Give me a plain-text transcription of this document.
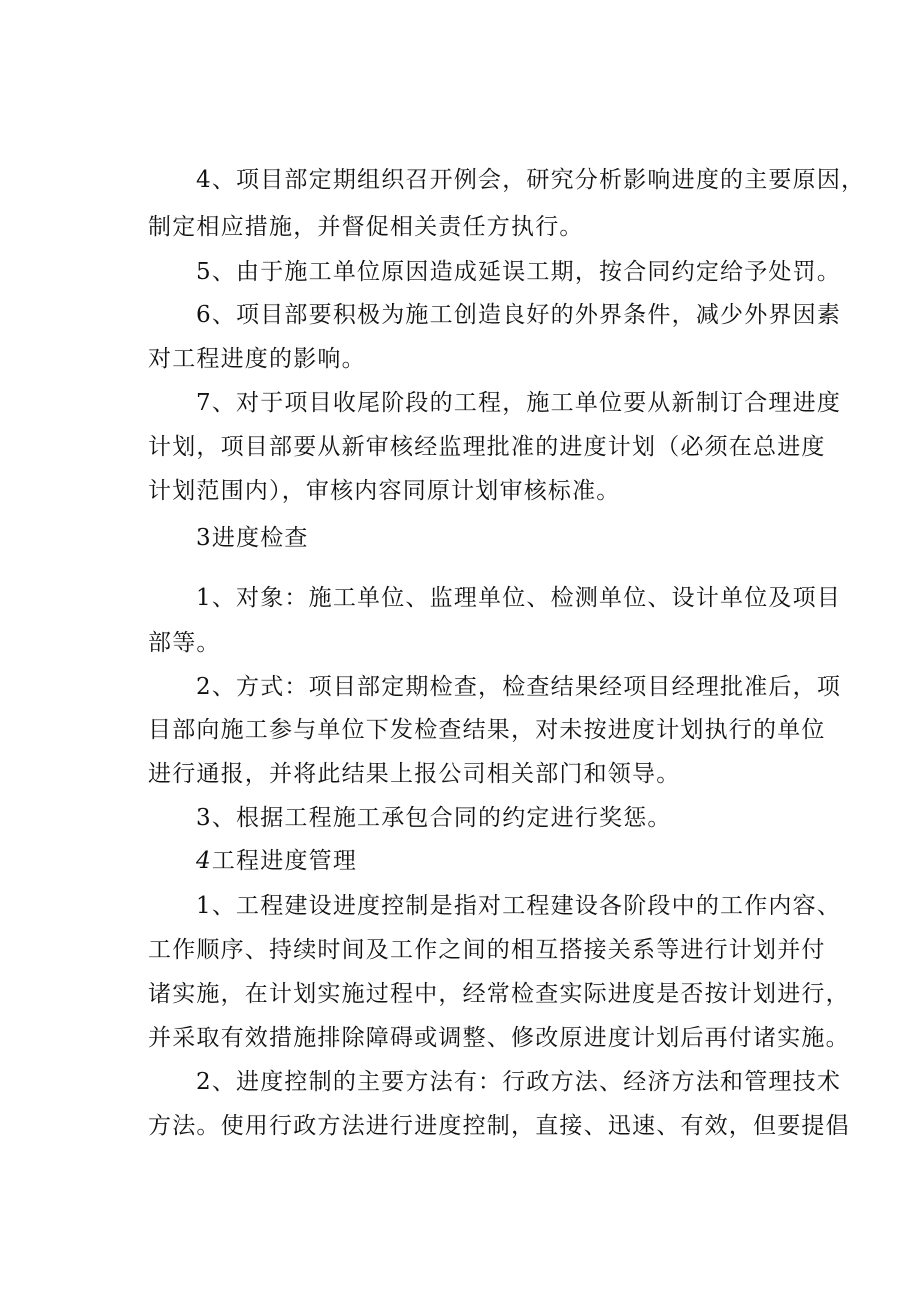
4、项目部定期组织召开例会，研究分析影响进度的主要原因，
制定相应措施，并督促相关责任方执行。
5、由于施工单位原因造成延误工期，按合同约定给予处罚。
6、项目部要积极为施工创造良好的外界条件，减少外界因素
对工程进度的影响。
7、对于项目收尾阶段的工程，施工单位要从新制订合理进度
计划，项目部要从新审核经监理批准的进度计划（必须在总进度
计划范围内），审核内容同原计划审核标准。
3进度检查
1、对象：施工单位、监理单位、检测单位、设计单位及项目
部等。
2、方式：项目部定期检查，检查结果经项目经理批准后，项
目部向施工参与单位下发检查结果，对未按进度计划执行的单位
进行通报，并将此结果上报公司相关部门和领导。
3、根据工程施工承包合同的约定进行奖惩。
4工程进度管理
1、工程建设进度控制是指对工程建设各阶段中的工作内容、
工作顺序、持续时间及工作之间的相互搭接关系等进行计划并付
诸实施，在计划实施过程中，经常检查实际进度是否按计划进行，
并采取有效措施排除障碍或调整、修改原进度计划后再付诸实施。
2、进度控制的主要方法有：行政方法、经济方法和管理技术
方法。使用行政方法进行进度控制，直接、迅速、有效，但要提倡
